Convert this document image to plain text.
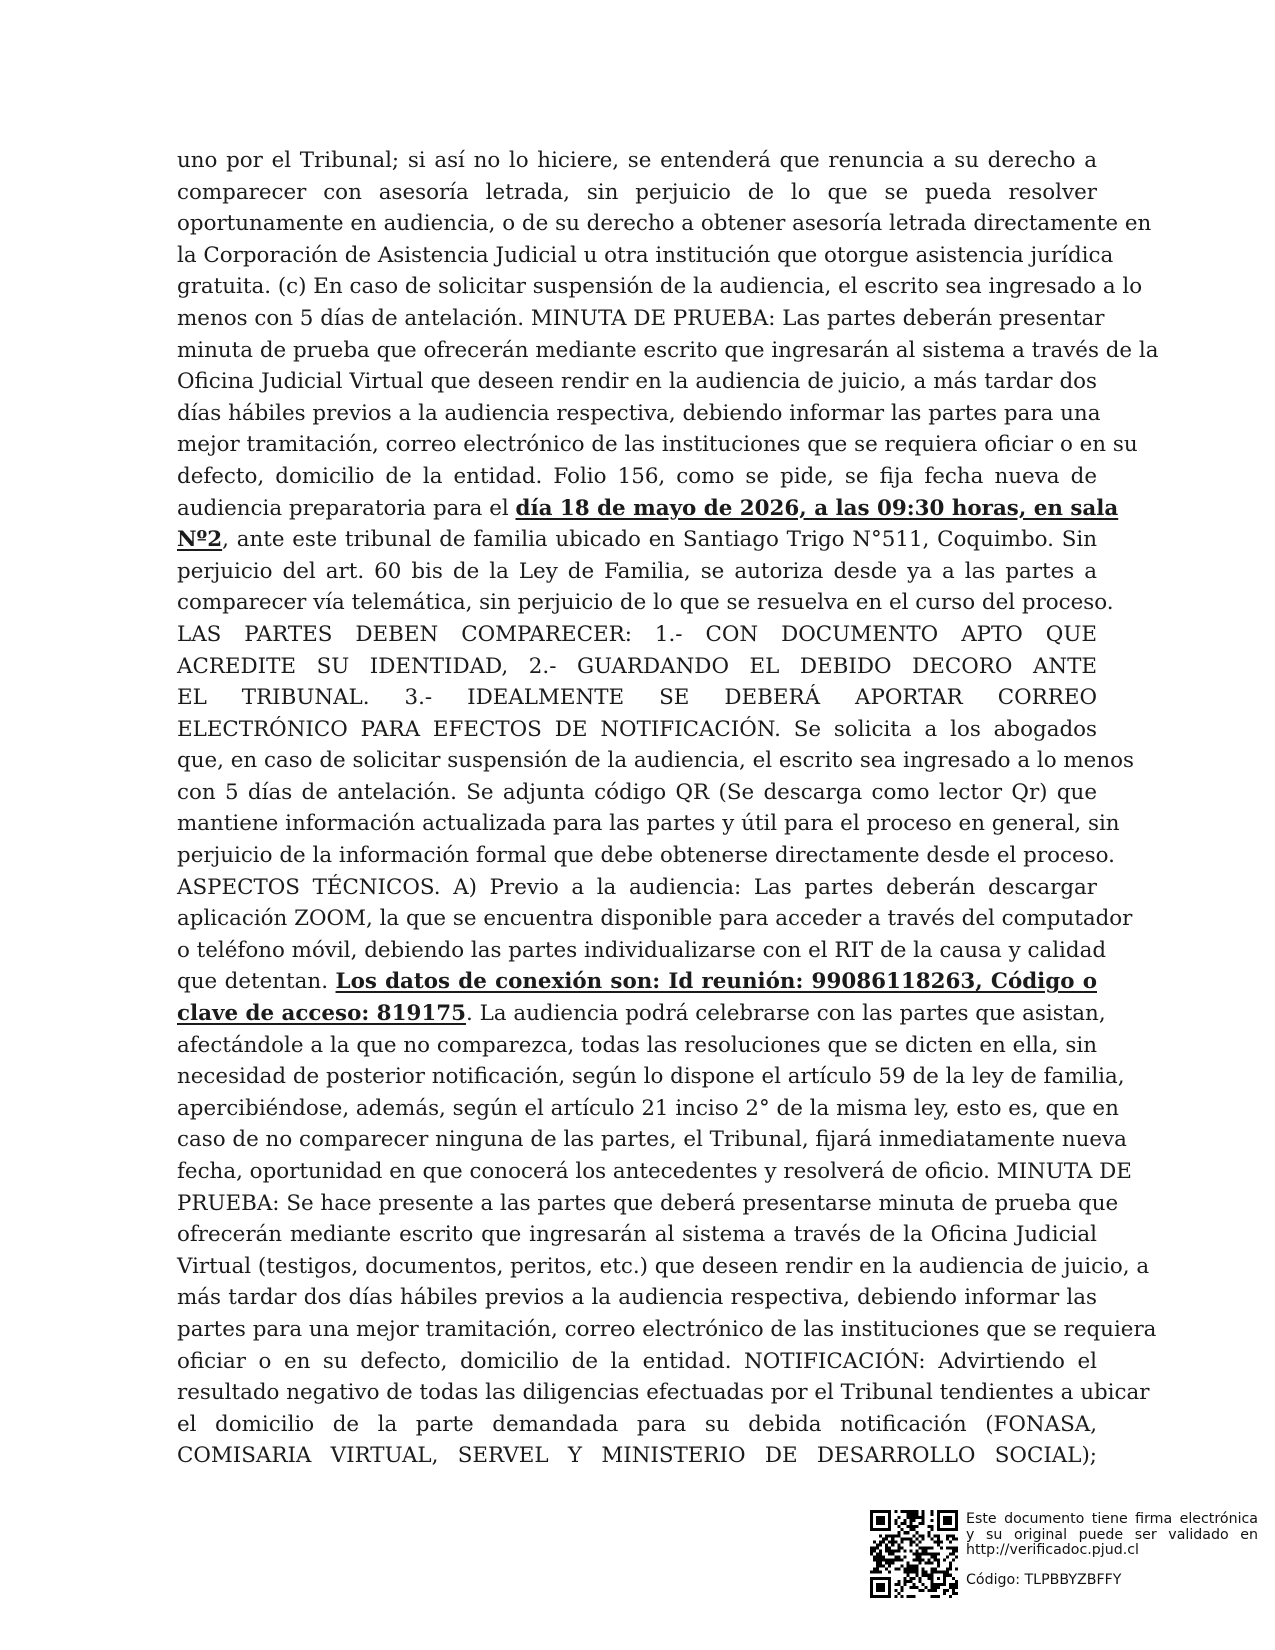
uno por el Tribunal; si así no lo hiciere, se entenderá que renuncia a su derecho a
comparecer con asesoría letrada, sin perjuicio de lo que se pueda resolver
oportunamente en audiencia, o de su derecho a obtener asesoría letrada directamente en
la Corporación de Asistencia Judicial u otra institución que otorgue asistencia jurídica
gratuita. (c) En caso de solicitar suspensión de la audiencia, el escrito sea ingresado a lo
menos con 5 días de antelación. MINUTA DE PRUEBA: Las partes deberán presentar
minuta de prueba que ofrecerán mediante escrito que ingresarán al sistema a través de la
Oficina Judicial Virtual que deseen rendir en la audiencia de juicio, a más tardar dos
días hábiles previos a la audiencia respectiva, debiendo informar las partes para una
mejor tramitación, correo electrónico de las instituciones que se requiera oficiar o en su
defecto, domicilio de la entidad. Folio 156, como se pide, se fija fecha nueva de
audiencia preparatoria para el día 18 de mayo de 2026, a las 09:30 horas, en sala
Nº2, ante este tribunal de familia ubicado en Santiago Trigo N°511, Coquimbo. Sin
perjuicio del art. 60 bis de la Ley de Familia, se autoriza desde ya a las partes a
comparecer vía telemática, sin perjuicio de lo que se resuelva en el curso del proceso.
LAS PARTES DEBEN COMPARECER: 1.- CON DOCUMENTO APTO QUE
ACREDITE SU IDENTIDAD, 2.- GUARDANDO EL DEBIDO DECORO ANTE
EL TRIBUNAL. 3.- IDEALMENTE SE DEBERÁ APORTAR CORREO
ELECTRÓNICO PARA EFECTOS DE NOTIFICACIÓN. Se solicita a los abogados
que, en caso de solicitar suspensión de la audiencia, el escrito sea ingresado a lo menos
con 5 días de antelación. Se adjunta código QR (Se descarga como lector Qr) que
mantiene información actualizada para las partes y útil para el proceso en general, sin
perjuicio de la información formal que debe obtenerse directamente desde el proceso.
ASPECTOS TÉCNICOS. A) Previo a la audiencia: Las partes deberán descargar
aplicación ZOOM, la que se encuentra disponible para acceder a través del computador
o teléfono móvil, debiendo las partes individualizarse con el RIT de la causa y calidad
que detentan. Los datos de conexión son: Id reunión: 99086118263, Código o
clave de acceso: 819175. La audiencia podrá celebrarse con las partes que asistan,
afectándole a la que no comparezca, todas las resoluciones que se dicten en ella, sin
necesidad de posterior notificación, según lo dispone el artículo 59 de la ley de familia,
apercibiéndose, además, según el artículo 21 inciso 2° de la misma ley, esto es, que en
caso de no comparecer ninguna de las partes, el Tribunal, fijará inmediatamente nueva
fecha, oportunidad en que conocerá los antecedentes y resolverá de oficio. MINUTA DE
PRUEBA: Se hace presente a las partes que deberá presentarse minuta de prueba que
ofrecerán mediante escrito que ingresarán al sistema a través de la Oficina Judicial
Virtual (testigos, documentos, peritos, etc.) que deseen rendir en la audiencia de juicio, a
más tardar dos días hábiles previos a la audiencia respectiva, debiendo informar las
partes para una mejor tramitación, correo electrónico de las instituciones que se requiera
oficiar o en su defecto, domicilio de la entidad. NOTIFICACIÓN: Advirtiendo el
resultado negativo de todas las diligencias efectuadas por el Tribunal tendientes a ubicar
el domicilio de la parte demandada para su debida notificación (FONASA,
COMISARIA VIRTUAL, SERVEL Y MINISTERIO DE DESARROLLO SOCIAL);
Este documento tiene firma electrónica
y su original puede ser validado en
http://verificadoc.pjud.cl
Código: TLPBBYZBFFY
